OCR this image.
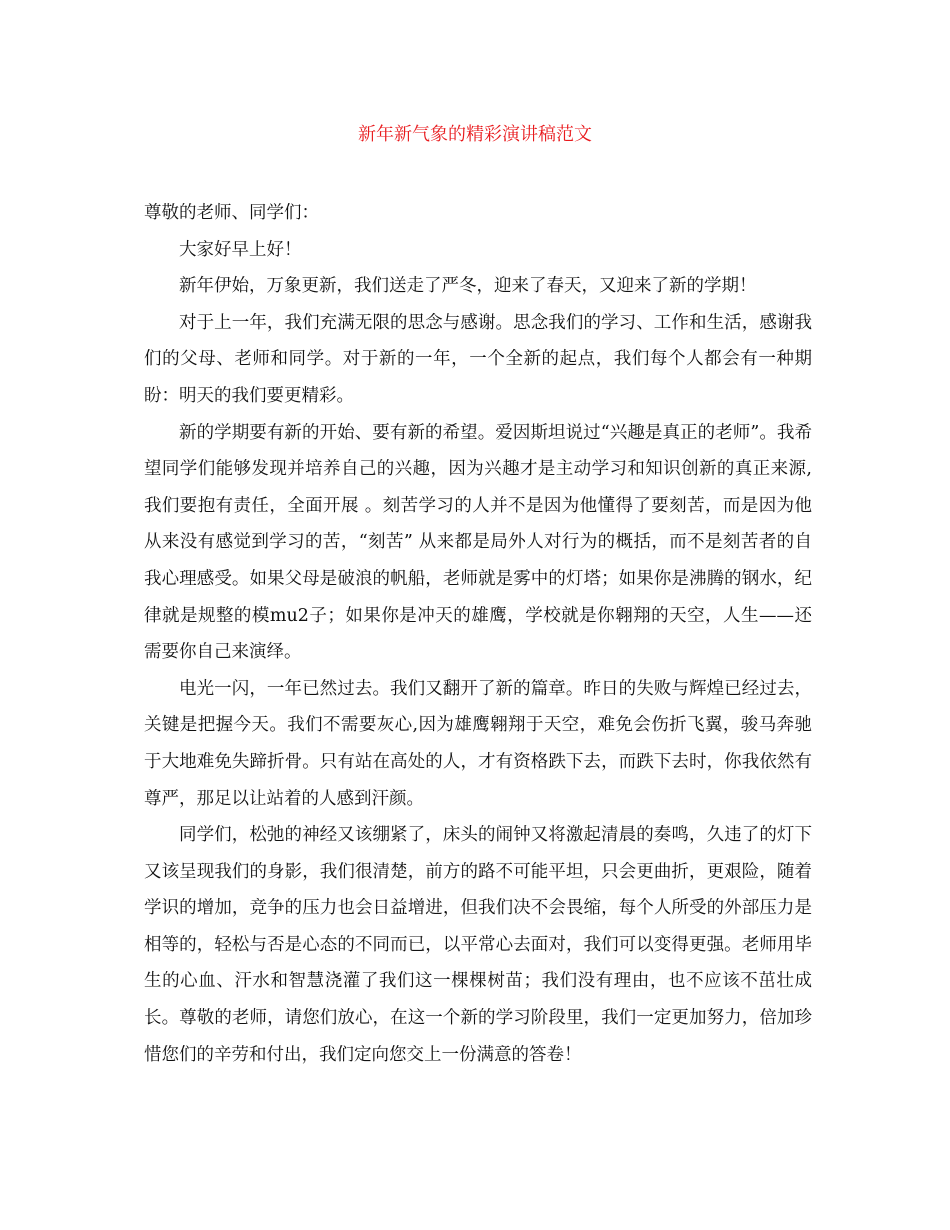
新年新气象的精彩演讲稿范文

尊敬的老师、同学们：

大家好早上好！

新年伊始，万象更新，我们送走了严冬，迎来了春天，又迎来了新的学期！

对于上一年，我们充满无限的思念与感谢。思念我们的学习、工作和生活，感谢我们的父母、老师和同学。对于新的一年，一个全新的起点，我们每个人都会有一种期盼：明天的我们要更精彩。

新的学期要有新的开始、要有新的希望。爱因斯坦说过“兴趣是真正的老师”。我希望同学们能够发现并培养自己的兴趣，因为兴趣才是主动学习和知识创新的真正来源,我们要抱有责任，全面开展 。刻苦学习的人并不是因为他懂得了要刻苦，而是因为他从来没有感觉到学习的苦，“刻苦” 从来都是局外人对行为的概括，而不是刻苦者的自我心理感受。如果父母是破浪的帆船，老师就是雾中的灯塔；如果你是沸腾的钢水，纪律就是规整的模mu2子；如果你是冲天的雄鹰，学校就是你翱翔的天空，人生——还需要你自己来演绎。

电光一闪，一年已然过去。我们又翻开了新的篇章。昨日的失败与辉煌已经过去，关键是把握今天。我们不需要灰心,因为雄鹰翱翔于天空，难免会伤折飞翼，骏马奔驰于大地难免失蹄折骨。只有站在高处的人，才有资格跌下去，而跌下去时，你我依然有尊严，那足以让站着的人感到汗颜。

同学们，松弛的神经又该绷紧了，床头的闹钟又将激起清晨的奏鸣，久违了的灯下又该呈现我们的身影，我们很清楚，前方的路不可能平坦，只会更曲折，更艰险，随着学识的增加，竞争的压力也会日益增进，但我们决不会畏缩，每个人所受的外部压力是相等的，轻松与否是心态的不同而已，以平常心去面对，我们可以变得更强。老师用毕生的心血、汗水和智慧浇灌了我们这一棵棵树苗；我们没有理由，也不应该不茁壮成长。尊敬的老师，请您们放心，在这一个新的学习阶段里，我们一定更加努力，倍加珍惜您们的辛劳和付出，我们定向您交上一份满意的答卷！
